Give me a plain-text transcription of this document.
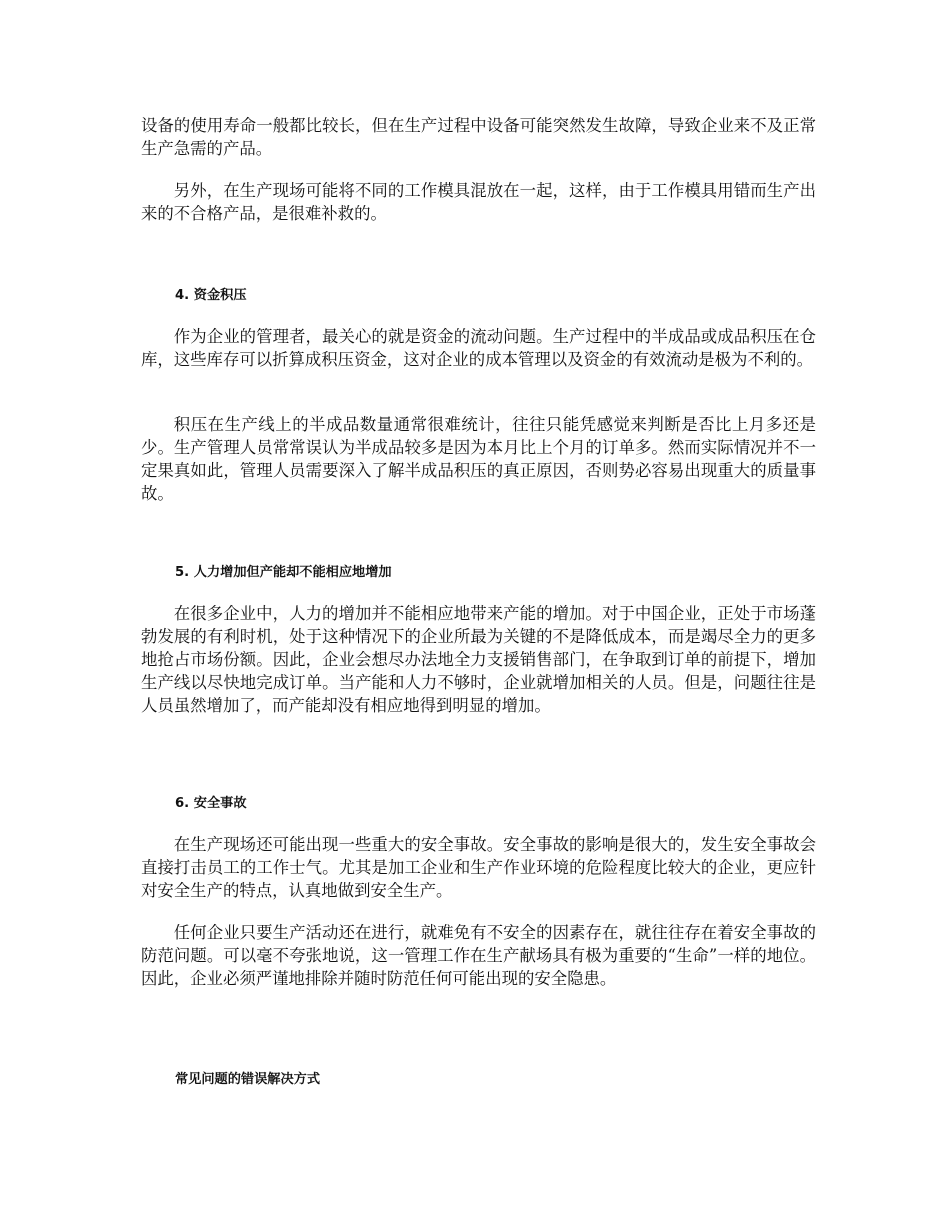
设备的使用寿命一般都比较长，但在生产过程中设备可能突然发生故障，导致企业来不及正常生产急需的产品。

另外，在生产现场可能将不同的工作模具混放在一起，这样，由于工作模具用错而生产出来的不合格产品，是很难补救的。

4. 资金积压

作为企业的管理者，最关心的就是资金的流动问题。生产过程中的半成品或成品积压在仓库，这些库存可以折算成积压资金，这对企业的成本管理以及资金的有效流动是极为不利的。

积压在生产线上的半成品数量通常很难统计，往往只能凭感觉来判断是否比上月多还是少。生产管理人员常常误认为半成品较多是因为本月比上个月的订单多。然而实际情况并不一定果真如此，管理人员需要深入了解半成品积压的真正原因，否则势必容易出现重大的质量事故。

5. 人力增加但产能却不能相应地增加

在很多企业中，人力的增加并不能相应地带来产能的增加。对于中国企业，正处于市场蓬勃发展的有利时机，处于这种情况下的企业所最为关键的不是降低成本，而是竭尽全力的更多地抢占市场份额。因此，企业会想尽办法地全力支援销售部门，在争取到订单的前提下，增加生产线以尽快地完成订单。当产能和人力不够时，企业就增加相关的人员。但是，问题往往是人员虽然增加了，而产能却没有相应地得到明显的增加。

6. 安全事故

在生产现场还可能出现一些重大的安全事故。安全事故的影响是很大的，发生安全事故会直接打击员工的工作士气。尤其是加工企业和生产作业环境的危险程度比较大的企业，更应针对安全生产的特点，认真地做到安全生产。

任何企业只要生产活动还在进行，就难免有不安全的因素存在，就往往存在着安全事故的防范问题。可以毫不夸张地说，这一管理工作在生产献场具有极为重要的“生命”一样的地位。因此，企业必须严谨地排除并随时防范任何可能出现的安全隐患。

常见问题的错误解决方式
